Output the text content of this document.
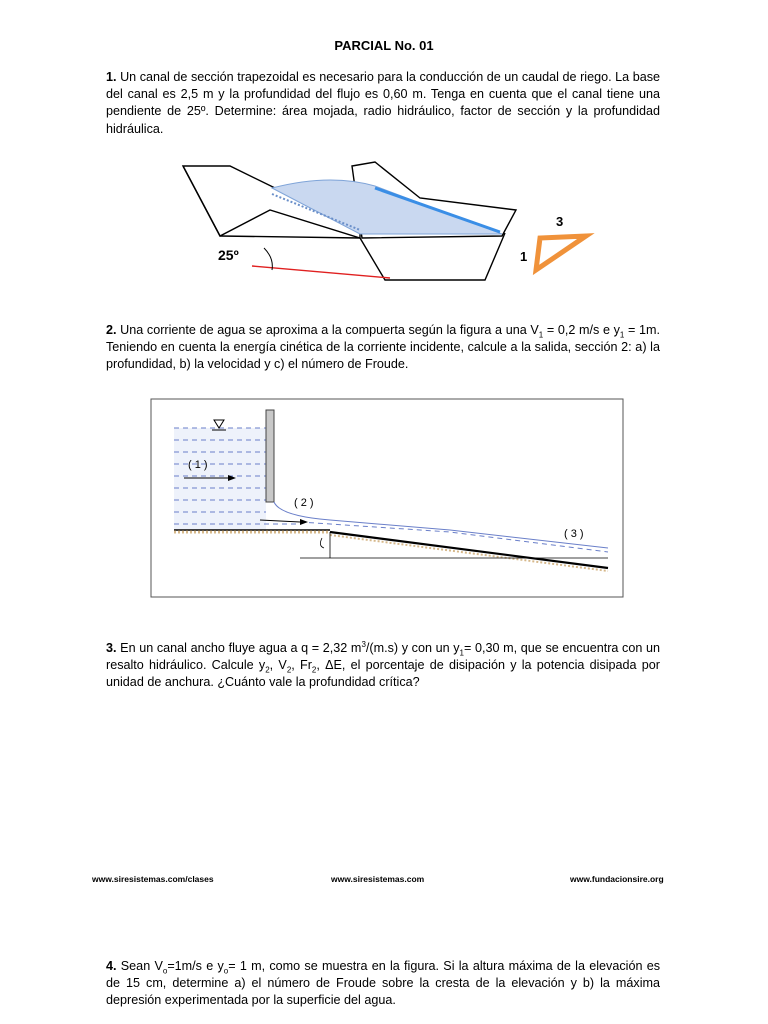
PARCIAL No. 01
1. Un canal de sección trapezoidal es necesario para la conducción de un caudal de riego. La base del canal es 2,5 m y la profundidad del flujo es 0,60 m. Tenga en cuenta que el canal tiene una pendiente de 25º. Determine: área mojada, radio hidráulico, factor de sección y la profundidad hidráulica.
25º
3
1
2. Una corriente de agua se aproxima a la compuerta según la figura a una $V_1 = 0,2$ m/s e $y_1 = 1m$. Teniendo en cuenta la energía cinética de la corriente incidente, calcule a la salida, sección 2: a) la profundidad, b) la velocidad y c) el número de Froude.
( 1 )
( 2 )
( 3 )
3. En un canal ancho fluye agua a q = 2,32 $m^3/(m.s)$ y con un $y_1= 0,30$ m, que se encuentra con un resalto hidráulico. Calcule $y_2$, $V_2$, $Fr_2$, ΔE, el porcentaje de disipación y la potencia disipada por unidad de anchura. ¿Cuánto vale la profundidad crítica?
www.siresistemas.com/clases	www.siresistemas.com	www.fundacionsire.org
4. Sean $V_o=1m/s$ e $y_o= 1$ m, como se muestra en la figura. Si la altura máxima de la elevación es de 15 cm, determine a) el número de Froude sobre la cresta de la elevación y b) la máxima depresión experimentada por la superficie del agua.
